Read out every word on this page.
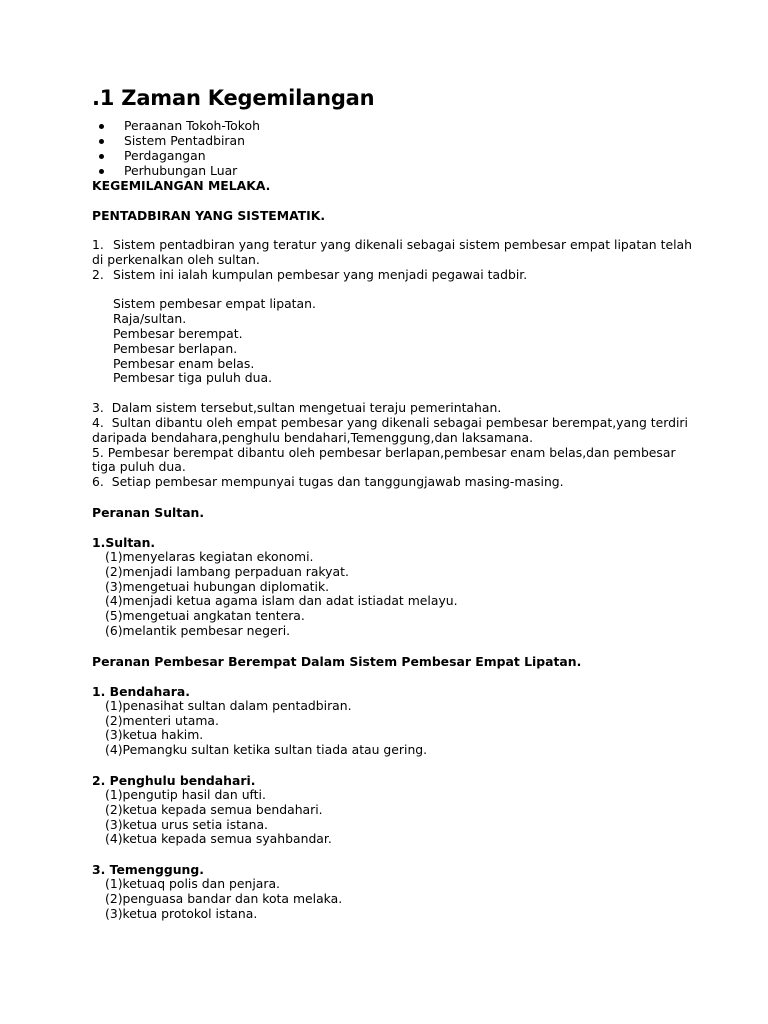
.1 Zaman Kegemilangan
Peraanan Tokoh-Tokoh
Sistem Pentadbiran
Perdagangan
Perhubungan Luar

KEGEMILANGAN MELAKA.

PENTADBIRAN YANG SISTEMATIK.

1. Sistem pentadbiran yang teratur yang dikenali sebagai sistem pembesar empat lipatan telah

di perkenalkan oleh sultan.

2. Sistem ini ialah kumpulan pembesar yang menjadi pegawai tadbir.

Sistem pembesar empat lipatan.

Raja/sultan.

Pembesar berempat.

Pembesar berlapan.

Pembesar enam belas.

Pembesar tiga puluh dua.

3.  Dalam sistem tersebut,sultan mengetuai teraju pemerintahan.

4.  Sultan dibantu oleh empat pembesar yang dikenali sebagai pembesar berempat,yang terdiri

daripada bendahara,penghulu bendahari,Temenggung,dan laksamana.

5. Pembesar berempat dibantu oleh pembesar berlapan,pembesar enam belas,dan pembesar

tiga puluh dua.

6.  Setiap pembesar mempunyai tugas dan tanggungjawab masing-masing.

Peranan Sultan.

1.Sultan.

(1)menyelaras kegiatan ekonomi.

(2)menjadi lambang perpaduan rakyat.

(3)mengetuai hubungan diplomatik.

(4)menjadi ketua agama islam dan adat istiadat melayu.

(5)mengetuai angkatan tentera.

(6)melantik pembesar negeri.

Peranan Pembesar Berempat Dalam Sistem Pembesar Empat Lipatan.

1. Bendahara.

(1)penasihat sultan dalam pentadbiran.

(2)menteri utama.

(3)ketua hakim.

(4)Pemangku sultan ketika sultan tiada atau gering.

2. Penghulu bendahari.

(1)pengutip hasil dan ufti.

(2)ketua kepada semua bendahari.

(3)ketua urus setia istana.

(4)ketua kepada semua syahbandar.

3. Temenggung.

(1)ketuaq polis dan penjara.

(2)penguasa bandar dan kota melaka.

(3)ketua protokol istana.
